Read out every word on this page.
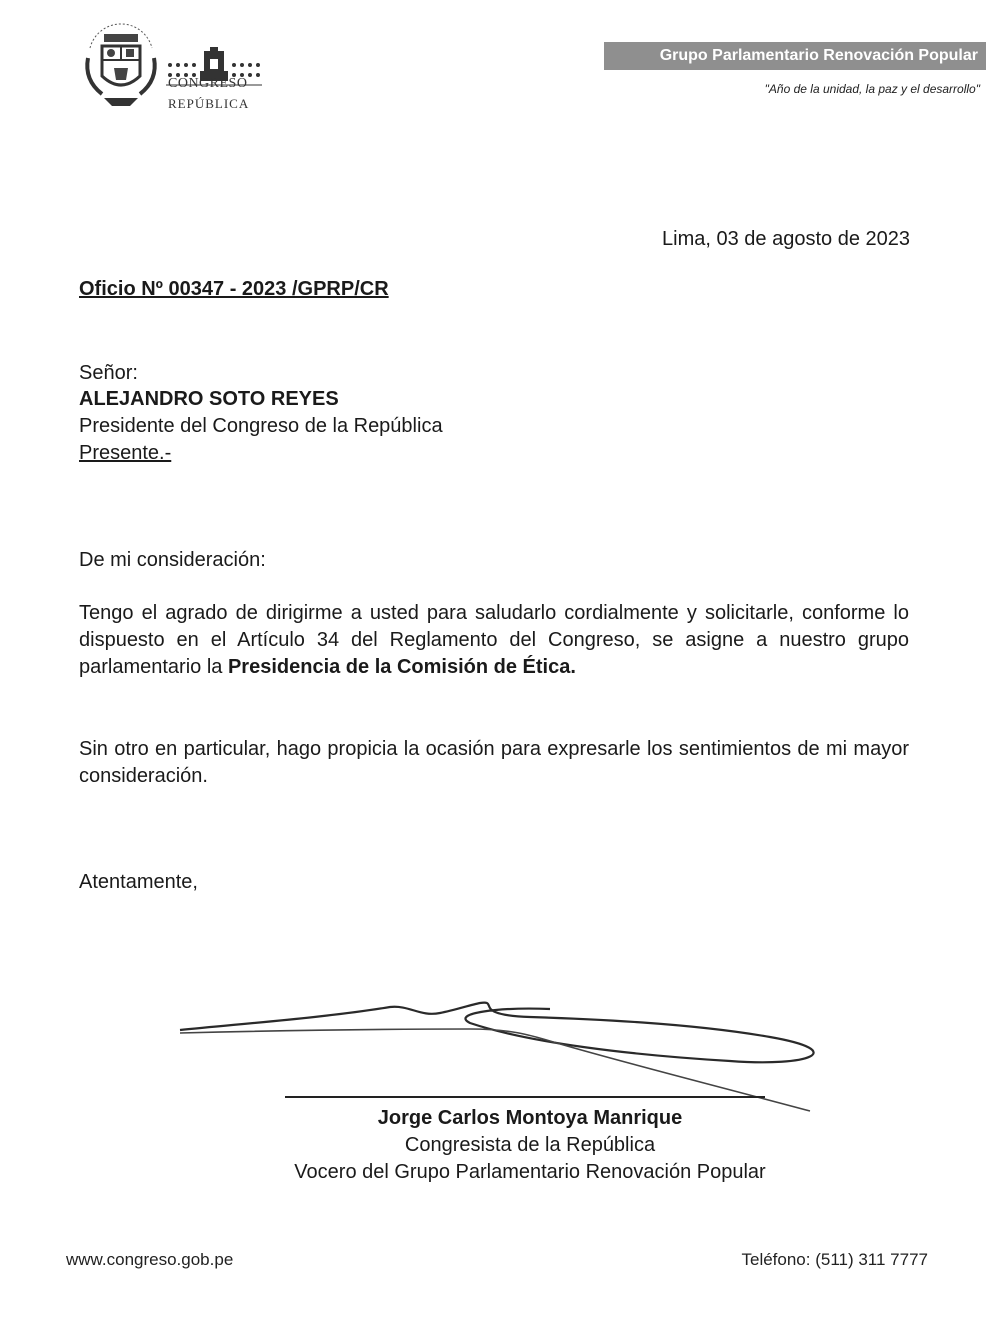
CONGRESO
REPÚBLICA
Grupo Parlamentario Renovación Popular
"Año de la unidad, la paz y el desarrollo"
Lima, 03 de agosto de 2023
Oficio Nº 00347 - 2023 /GPRP/CR
Señor:
ALEJANDRO SOTO REYES
Presidente del Congreso de la República
Presente.-
De mi consideración:
Tengo el agrado de dirigirme a usted para saludarlo cordialmente y solicitarle, conforme lo dispuesto en el Artículo 34 del Reglamento del Congreso, se asigne a nuestro grupo parlamentario la Presidencia de la Comisión de Ética.
Sin otro en particular, hago propicia la ocasión para expresarle los sentimientos de mi mayor consideración.
Atentamente,
Jorge Carlos Montoya Manrique
Congresista de la República
Vocero del Grupo Parlamentario Renovación Popular
www.congreso.gob.pe	Teléfono: (511) 311 7777
